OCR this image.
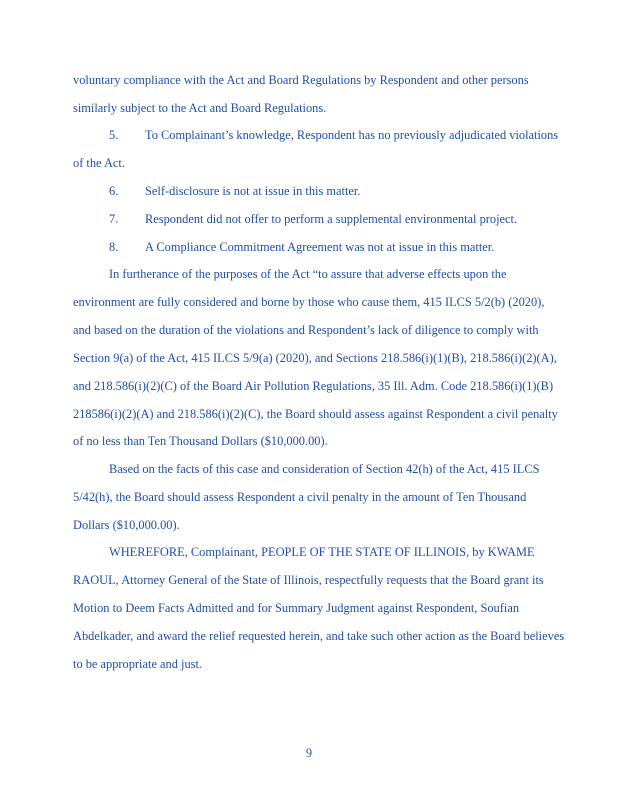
voluntary compliance with the Act and Board Regulations by Respondent and other persons
similarly subject to the Act and Board Regulations.
5. To Complainant’s knowledge, Respondent has no previously adjudicated violations
of the Act.
6. Self-disclosure is not at issue in this matter.
7. Respondent did not offer to perform a supplemental environmental project.
8. A Compliance Commitment Agreement was not at issue in this matter.
In furtherance of the purposes of the Act “to assure that adverse effects upon the
environment are fully considered and borne by those who cause them, 415 ILCS 5/2(b) (2020),
and based on the duration of the violations and Respondent’s lack of diligence to comply with
Section 9(a) of the Act, 415 ILCS 5/9(a) (2020), and Sections 218.586(i)(1)(B), 218.586(i)(2)(A),
and 218.586(i)(2)(C) of the Board Air Pollution Regulations, 35 Ill. Adm. Code 218.586(i)(1)(B)
218586(i)(2)(A) and 218.586(i)(2)(C), the Board should assess against Respondent a civil penalty
of no less than Ten Thousand Dollars ($10,000.00).
Based on the facts of this case and consideration of Section 42(h) of the Act, 415 ILCS
5/42(h), the Board should assess Respondent a civil penalty in the amount of Ten Thousand
Dollars ($10,000.00).
WHEREFORE, Complainant, PEOPLE OF THE STATE OF ILLINOIS, by KWAME
RAOUL, Attorney General of the State of Illinois, respectfully requests that the Board grant its
Motion to Deem Facts Admitted and for Summary Judgment against Respondent, Soufian
Abdelkader, and award the relief requested herein, and take such other action as the Board believes
to be appropriate and just.
9
